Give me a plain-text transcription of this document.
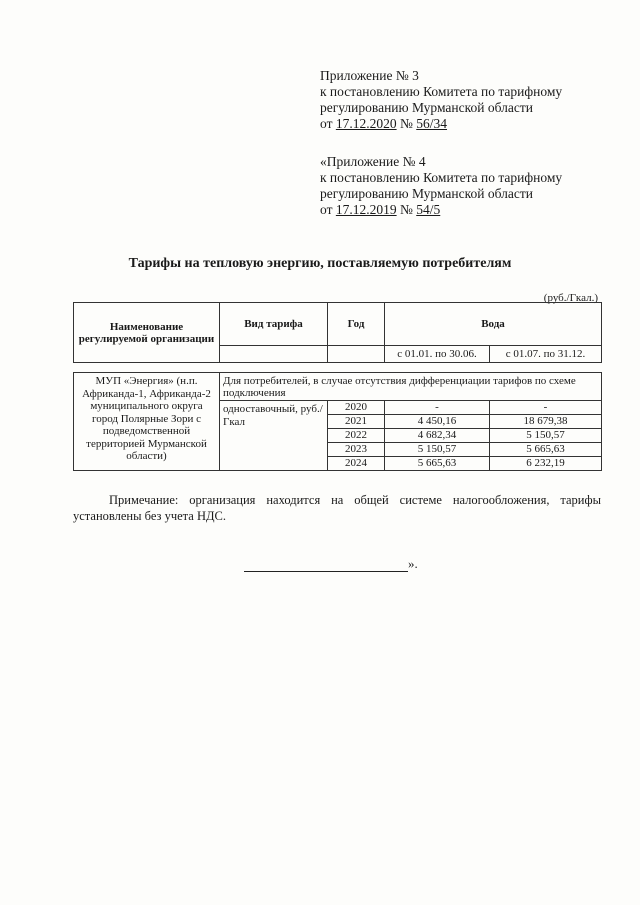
Приложение № 3
к постановлению Комитета по тарифному
регулированию Мурманской области
от 17.12.2020 № 56/34
«Приложение № 4
к постановлению Комитета по тарифному
регулированию Мурманской области
от 17.12.2019 № 54/5
Тарифы на тепловую энергию, поставляемую потребителям
(руб./Гкал.)
Наименование регулируемой организации	Вид тарифа	Год	Вода	
			с 01.01. по 30.06.	с 01.07. по 31.12.
МУП «Энергия» (н.п. Африканда-1, Африканда-2 муниципального округа город Полярные Зори с подведомственной территорией Мурманской области)	Для потребителей, в случае отсутствия дифференциации тарифов по схеме подключения			
	одноставочный, руб./Гкал	2020	-	-
		2021	4 450,16	18 679,38
		2022	4 682,34	5 150,57
		2023	5 150,57	5 665,63
		2024	5 665,63	6 232,19
Примечание: организация находится на общей системе налогообложения, тарифы установлены без учета НДС.
».
